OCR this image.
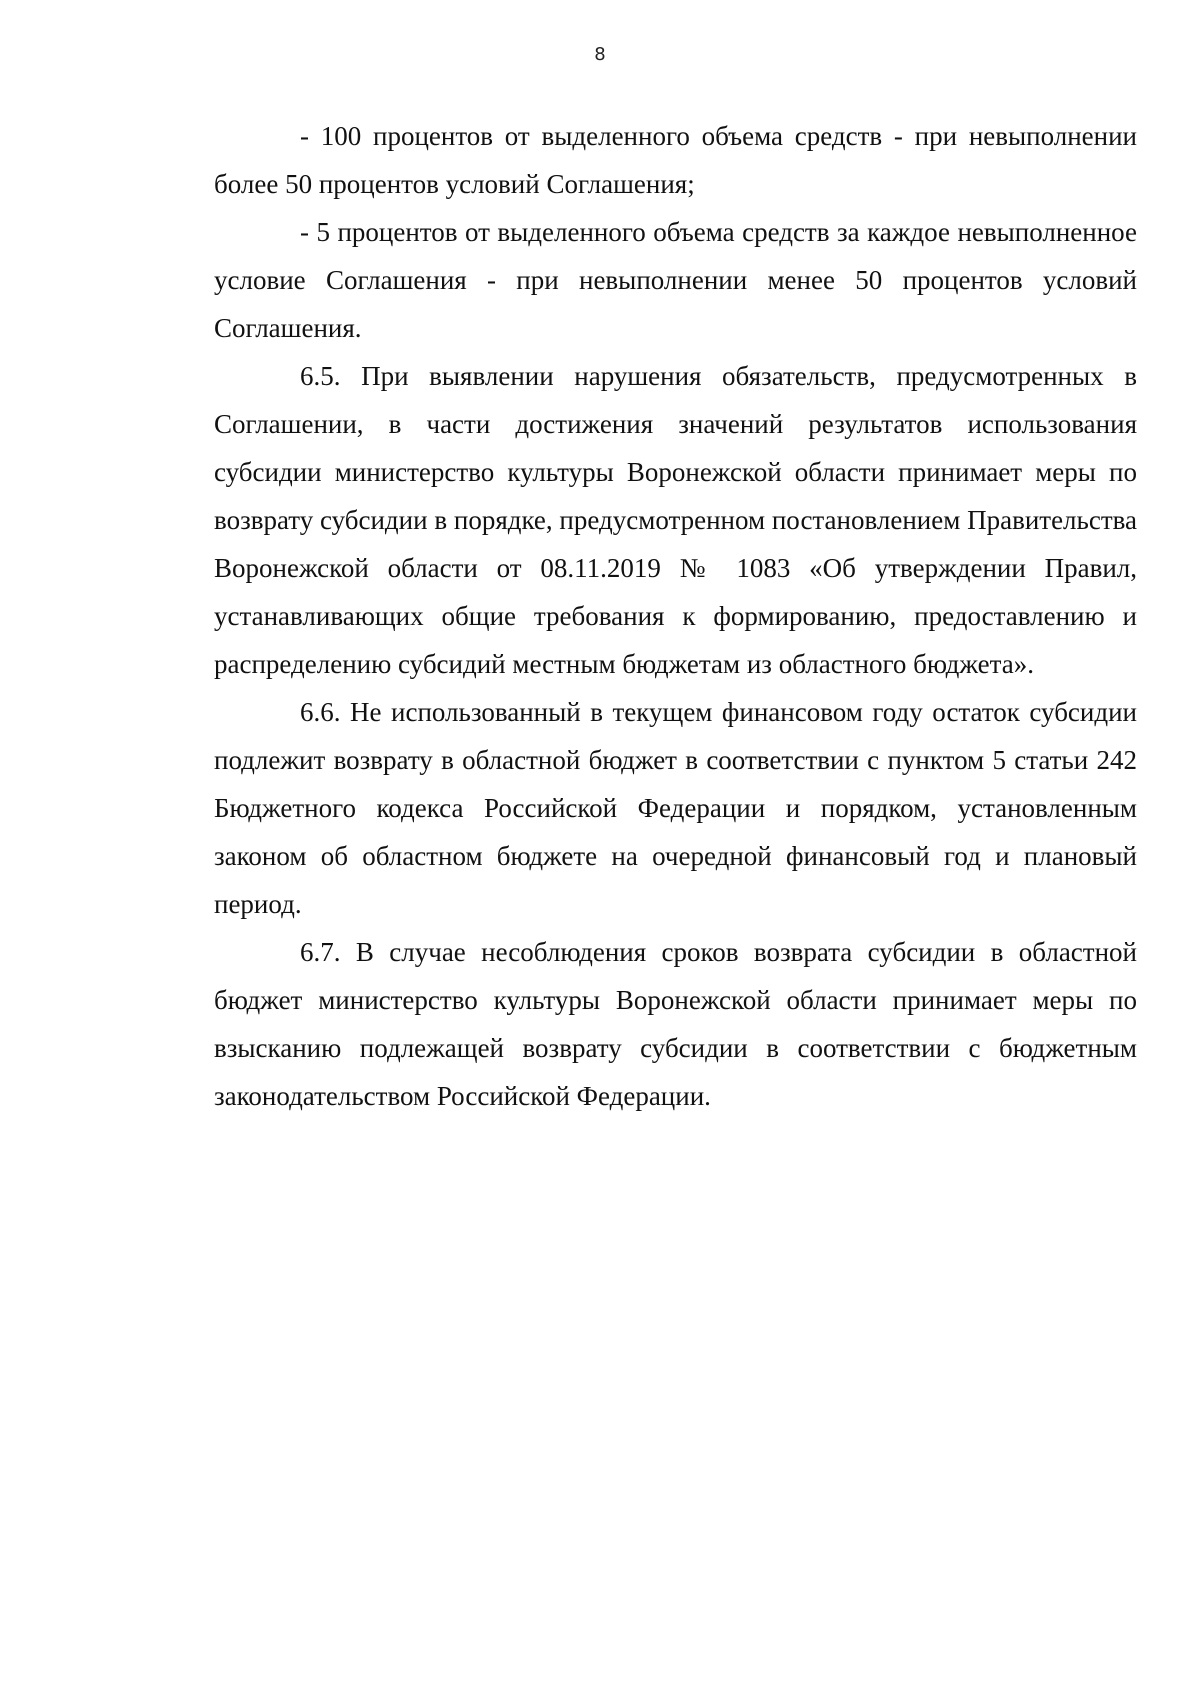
8

- 100 процентов от выделенного объема средств - при невыполнении более 50 процентов условий Соглашения;

- 5 процентов от выделенного объема средств за каждое невыполненное условие Соглашения - при невыполнении менее 50 процентов условий Соглашения.

6.5. При выявлении нарушения обязательств, предусмотренных в Соглашении, в части достижения значений результатов использования субсидии министерство культуры Воронежской области принимает меры по возврату субсидии в порядке, предусмотренном постановлением Правительства Воронежской области от 08.11.2019 № 1083 «Об утверждении Правил, устанавливающих общие требования к формированию, предоставлению и распределению субсидий местным бюджетам из областного бюджета».

6.6. Не использованный в текущем финансовом году остаток субсидии подлежит возврату в областной бюджет в соответствии с пунктом 5 статьи 242 Бюджетного кодекса Российской Федерации и порядком, установленным законом об областном бюджете на очередной финансовый год и плановый период.

6.7. В случае несоблюдения сроков возврата субсидии в областной бюджет министерство культуры Воронежской области принимает меры по взысканию подлежащей возврату субсидии в соответствии с бюджетным законодательством Российской Федерации.
